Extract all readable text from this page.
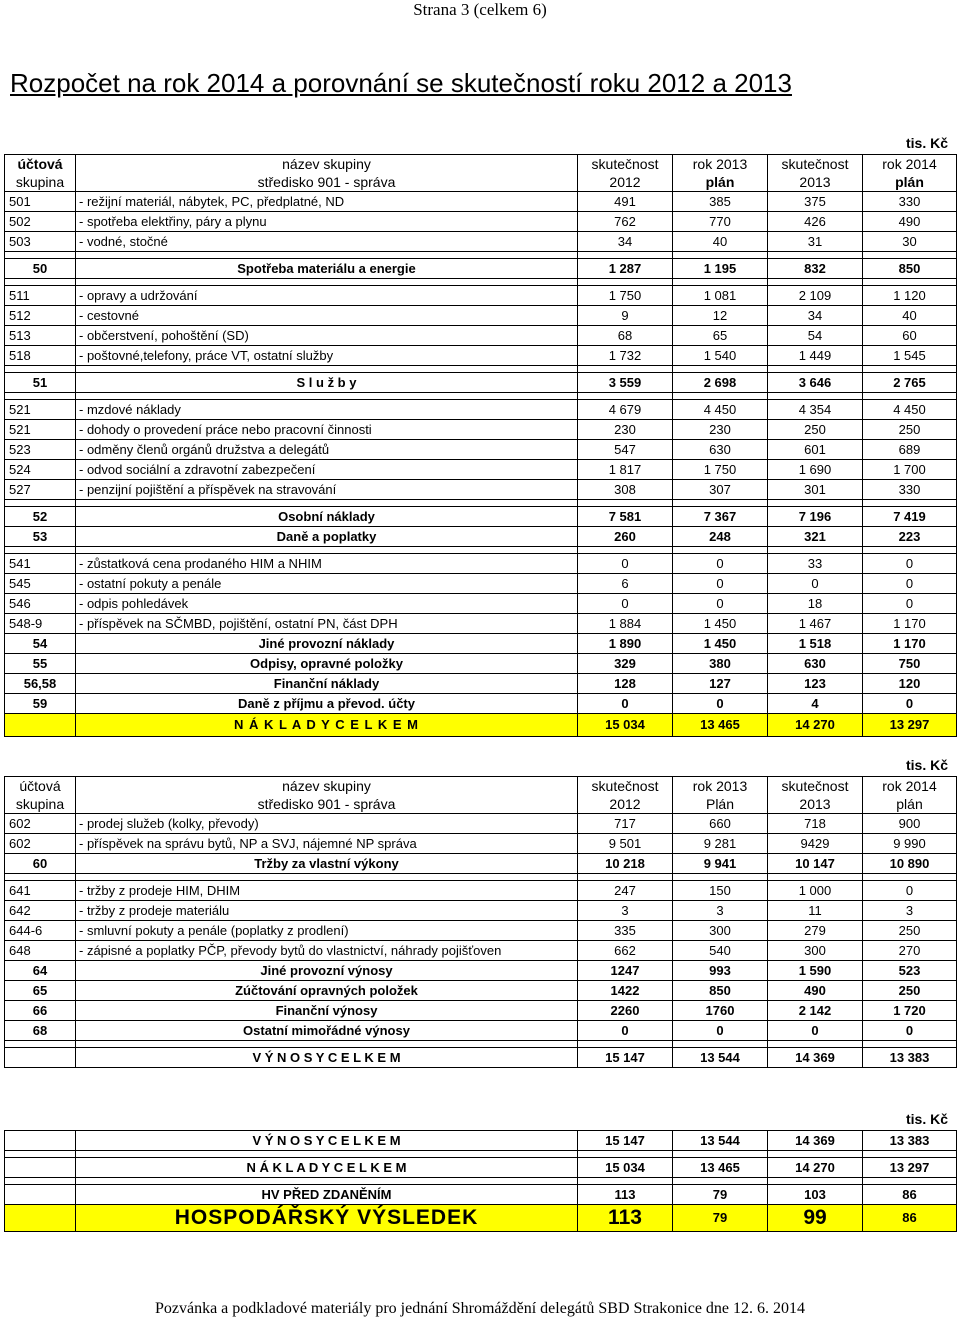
Strana 3 (celkem 6)
Rozpočet na rok 2014 a porovnání se skutečností roku 2012 a 2013
tis. Kč
účtová	název skupiny	skutečnost	rok 2013	skutečnost	rok 2014
skupina	středisko 901 - správa	2012	plán	2013	plán
501	- režijní materiál, nábytek, PC, předplatné, ND	491	385	375	330
502	- spotřeba elektřiny, páry a plynu	762	770	426	490
503	- vodné, stočné	34	40	31	30

50	Spotřeba materiálu a energie	1 287	1 195	832	850

511	- opravy a udržování	1 750	1 081	2 109	1 120
512	- cestovné	9	12	34	40
513	- občerstvení, pohoštění (SD)	68	65	54	60
518	- poštovné,telefony, práce VT, ostatní služby	1 732	1 540	1 449	1 545

51	S l u ž b y	3 559	2 698	3 646	2 765

521	- mzdové náklady	4 679	4 450	4 354	4 450
521	- dohody o provedení práce nebo pracovní činnosti	230	230	250	250
523	- odměny členů orgánů družstva a delegátů	547	630	601	689
524	- odvod sociální a zdravotní zabezpečení	1 817	1 750	1 690	1 700
527	- penzijní pojištění a příspěvek na stravování	308	307	301	330

52	Osobní náklady	7 581	7 367	7 196	7 419
53	Daně a poplatky	260	248	321	223

541	- zůstatková cena prodaného HIM a NHIM	0	0	33	0
545	- ostatní pokuty a penále	6	0	0	0
546	- odpis pohledávek	0	0	18	0
548-9	- příspěvek na SČMBD, pojištění, ostatní PN, část DPH	1 884	1 450	1 467	1 170
54	Jiné provozní náklady	1 890	1 450	1 518	1 170
55	Odpisy, opravné položky	329	380	630	750
56,58	Finanční náklady	128	127	123	120
59	Daně z příjmu a převod. účty	0	0	4	0
	N Á K L A D Y C E L K E M	15 034	13 465	14 270	13 297
tis. Kč
účtová	název skupiny	skutečnost	rok 2013	skutečnost	rok 2014
skupina	středisko 901 - správa	2012	Plán	2013	plán
602	- prodej služeb (kolky, převody)	717	660	718	900
602	- příspěvek na správu bytů, NP a SVJ, nájemné NP správa	9 501	9 281	9429	9 990
60	Tržby za vlastní výkony	10 218	9 941	10 147	10 890

641	- tržby z prodeje HIM, DHIM	247	150	1 000	0
642	- tržby z prodeje materiálu	3	3	11	3
644-6	- smluvní pokuty a penále (poplatky z prodlení)	335	300	279	250
648	- zápisné a poplatky PČP, převody bytů do vlastnictví, náhrady pojišťoven	662	540	300	270
64	Jiné provozní výnosy	1247	993	1 590	523
65	Zúčtování opravných položek	1422	850	490	250
66	Finanční výnosy	2260	1760	2 142	1 720
68	Ostatní mimořádné výnosy	0	0	0	0

	V Ý N O S Y C E L K E M	15 147	13 544	14 369	13 383
tis. Kč
	V Ý N O S Y C E L K E M	15 147	13 544	14 369	13 383

	N Á K L A D Y C E L K E M	15 034	13 465	14 270	13 297

	HV PŘED ZDANĚNÍM	113	79	103	86
	HOSPODÁŘSKÝ VÝSLEDEK	113	79	99	86
Pozvánka a podkladové materiály pro jednání Shromáždění delegátů SBD Strakonice dne 12. 6. 2014
